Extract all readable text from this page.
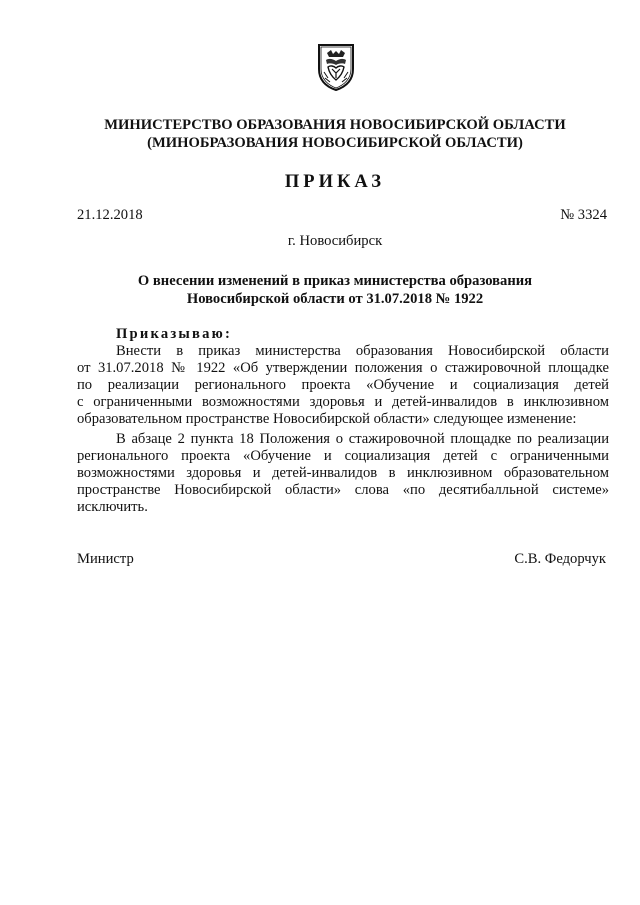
МИНИСТЕРСТВО ОБРАЗОВАНИЯ НОВОСИБИРСКОЙ ОБЛАСТИ
(МИНОБРАЗОВАНИЯ НОВОСИБИРСКОЙ ОБЛАСТИ)
ПРИКАЗ
21.12.2018	№ 3324
г. Новосибирск
О внесении изменений в приказ министерства образования
Новосибирской области от 31.07.2018 № 1922
Приказываю:
Внести в приказ министерства образования Новосибирской области
от 31.07.2018 № 1922 «Об утверждении положения о стажировочной площадке
по реализации регионального проекта «Обучение и социализация детей
с ограниченными возможностями здоровья и детей-инвалидов в инклюзивном
образовательном пространстве Новосибирской области» следующее изменение:
В абзаце 2 пункта 18 Положения о стажировочной площадке по реализации
регионального проекта «Обучение и социализация детей с ограниченными
возможностями здоровья и детей-инвалидов в инклюзивном образовательном
пространстве Новосибирской области» слова «по десятибалльной системе»
исключить.
Министр	С.В. Федорчук
